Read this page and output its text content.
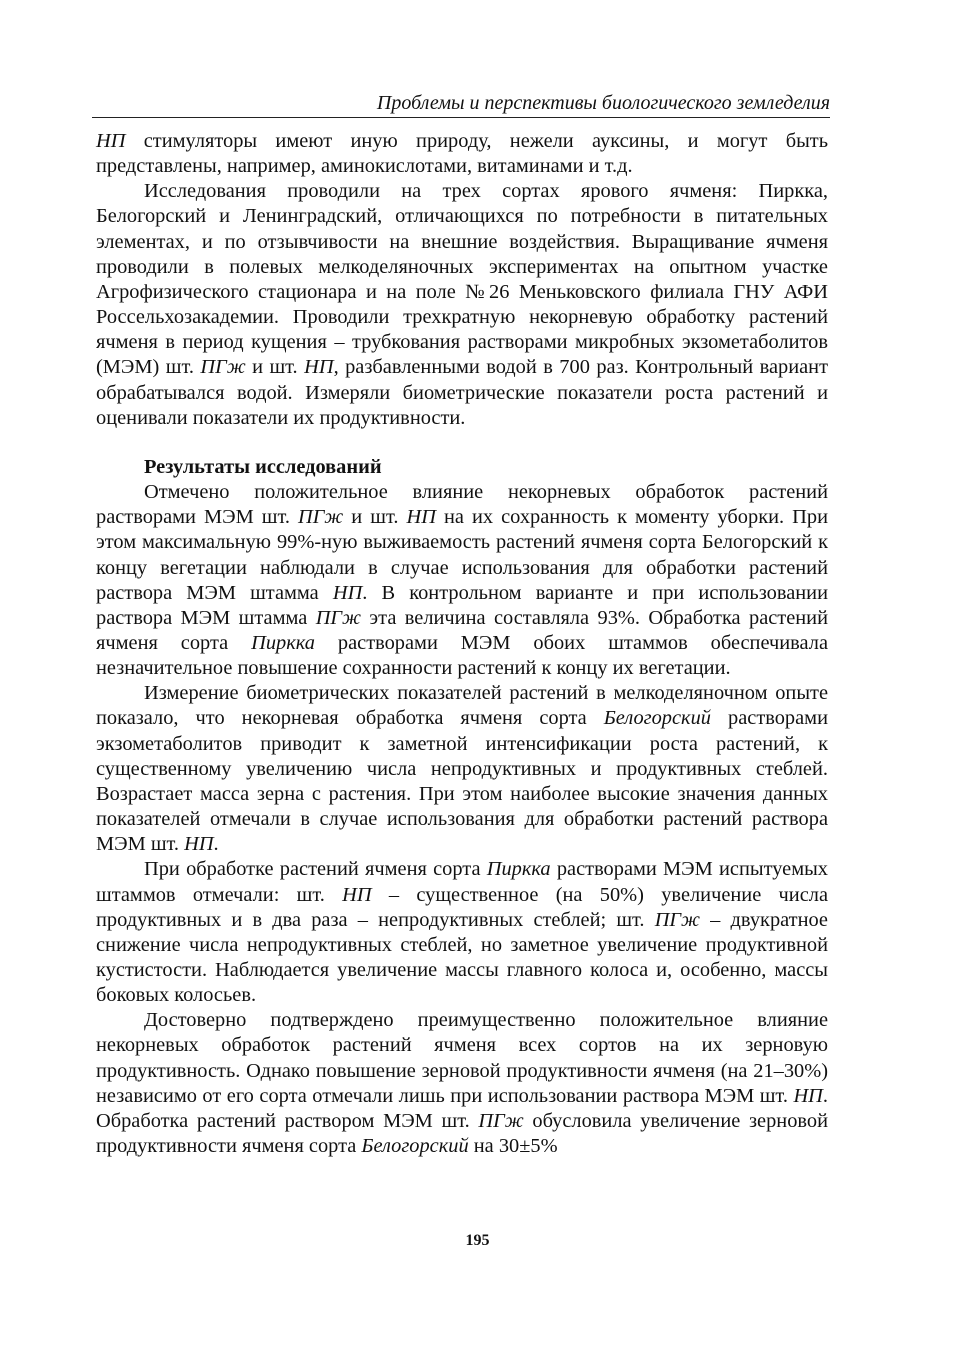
Проблемы и перспективы биологического земледелия

НП стимуляторы имеют иную природу, нежели ауксины, и могут быть представлены, например, аминокислотами, витаминами и т.д.

Исследования проводили на трех сортах ярового ячменя: Пиркка, Белогорский и Ленинградский, отличающихся по потребности в питательных элементах, и по отзывчивости на внешние воздействия. Выращивание ячменя проводили в полевых мелкоделяночных экспериментах на опытном участке Агрофизического стационара и на поле №26 Меньковского филиала ГНУ АФИ Россельхозакадемии. Проводили трехкратную некорневую обработку растений ячменя в период кущения – трубкования растворами микробных экзометаболитов (МЭМ) шт. ПГж и шт. НП, разбавленными водой в 700 раз. Контрольный вариант обрабатывался водой. Измеряли биометрические показатели роста растений и оценивали показатели их продуктивности.

Результаты исследований

Отмечено положительное влияние некорневых обработок растений растворами МЭМ шт. ПГж и шт. НП на их сохранность к моменту уборки. При этом максимальную 99%-ную выживаемость растений ячменя сорта Белогорский к концу вегетации наблюдали в случае использования для обработки растений раствора МЭМ штамма НП. В контрольном варианте и при использовании раствора МЭМ штамма ПГж эта величина составляла 93%. Обработка растений ячменя сорта Пиркка растворами МЭМ обоих штаммов обеспечивала незначительное повышение сохранности растений к концу их вегетации.

Измерение биометрических показателей растений в мелкоделяночном опыте показало, что некорневая обработка ячменя сорта Белогорский растворами экзометаболитов приводит к заметной интенсификации роста растений, к существенному увеличению числа непродуктивных и продуктивных стеблей. Возрастает масса зерна с растения. При этом наиболее высокие значения данных показателей отмечали в случае использования для обработки растений раствора МЭМ шт. НП.

При обработке растений ячменя сорта Пиркка растворами МЭМ испытуемых штаммов отмечали: шт. НП – существенное (на 50%) увеличение числа продуктивных и в два раза – непродуктивных стеблей; шт. ПГж – двукратное снижение числа непродуктивных стеблей, но заметное увеличение продуктивной кустистости. Наблюдается увеличение массы главного колоса и, особенно, массы боковых колосьев.

Достоверно подтверждено преимущественно положительное влияние некорневых обработок растений ячменя всех сортов на их зерновую продуктивность. Однако повышение зерновой продуктивности ячменя (на 21–30%) независимо от его сорта отмечали лишь при использовании раствора МЭМ шт. НП. Обработка растений раствором МЭМ шт. ПГж обусловила увеличение зерновой продуктивности ячменя сорта Белогорский на 30±5%

195
